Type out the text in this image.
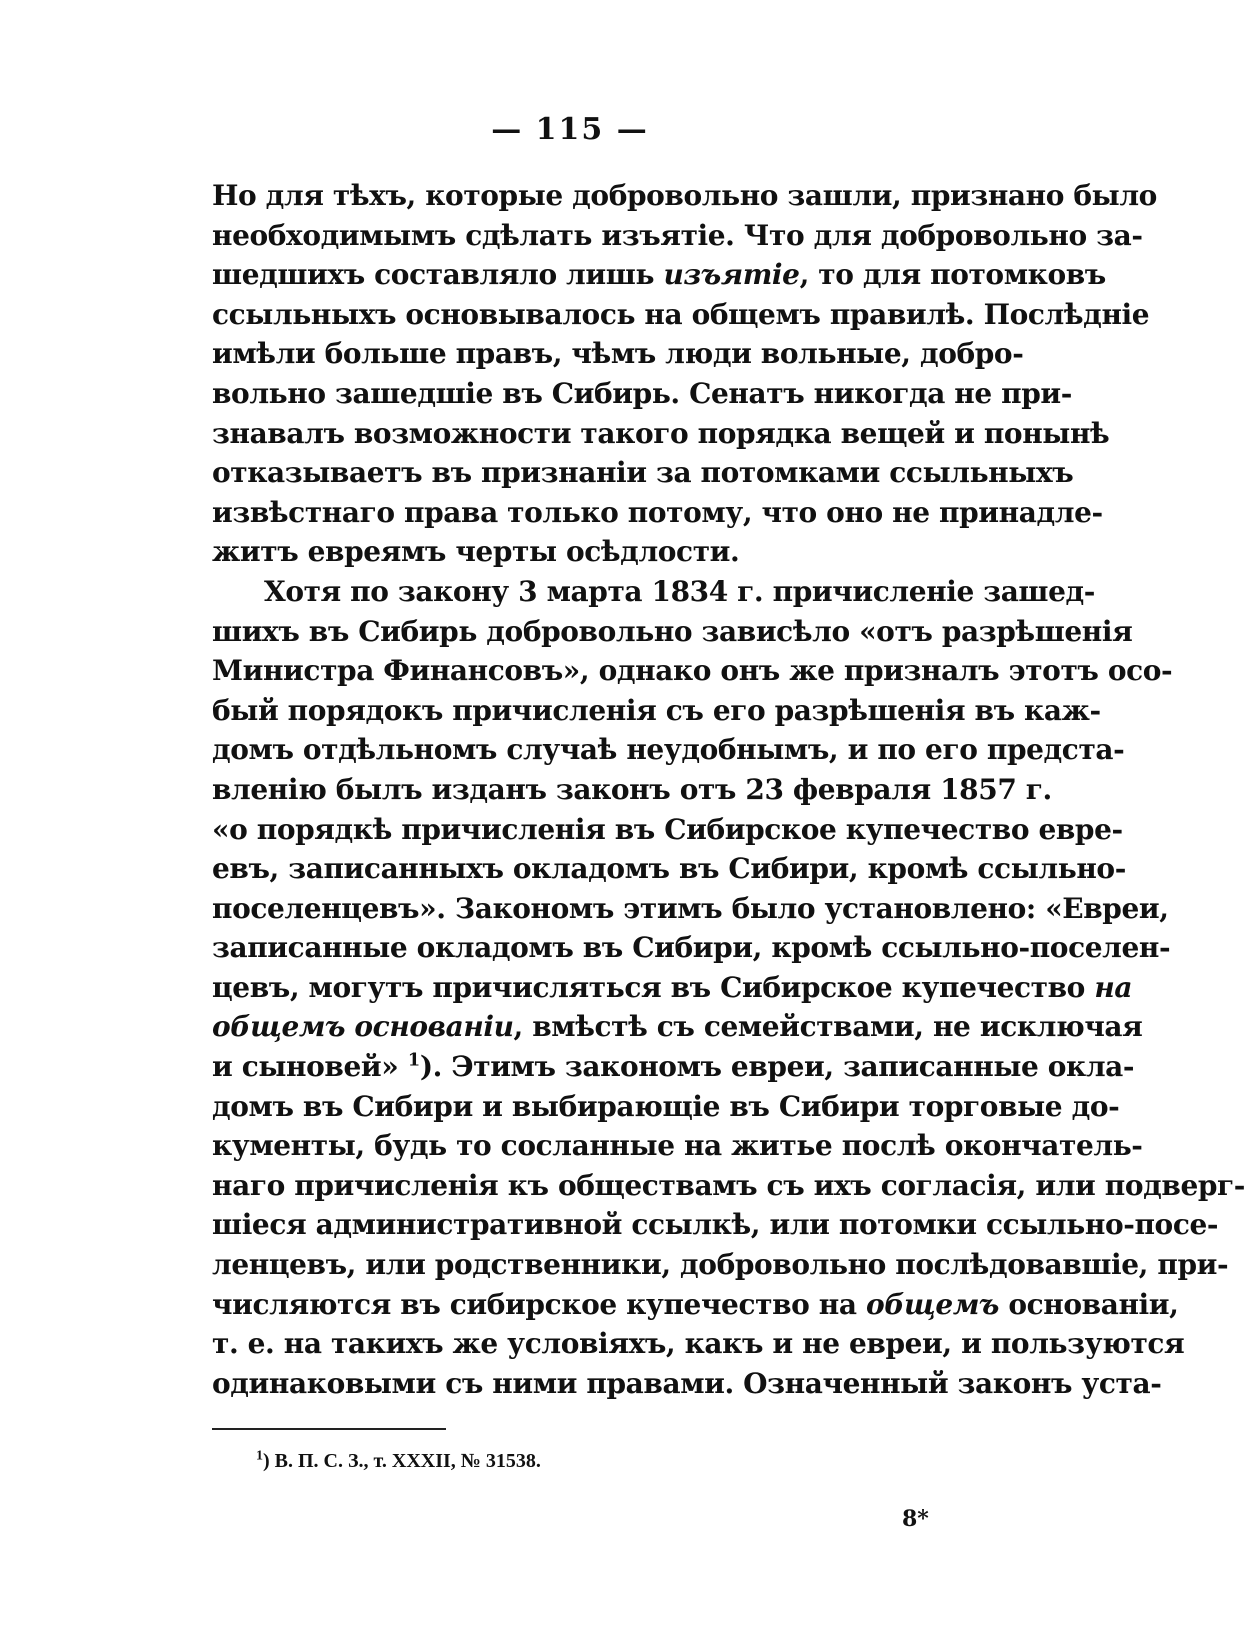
— 115 —
Но для тѣхъ, которые добровольно зашли, признано было
необходимымъ сдѣлать изъятіе. Что для добровольно за-
шедшихъ составляло лишь изъятіе, то для потомковъ
ссыльныхъ основывалось на общемъ правилѣ. Послѣдніе
имѣли больше правъ, чѣмъ люди вольные, добро-
вольно зашедшіе въ Сибирь. Сенатъ никогда не при-
знавалъ возможности такого порядка вещей и понынѣ
отказываетъ въ признаніи за потомками ссыльныхъ
извѣстнаго права только потому, что оно не принадле-
житъ евреямъ черты осѣдлости.
Хотя по закону 3 марта 1834 г. причисленіе зашед-
шихъ въ Сибирь добровольно зависѣло «отъ разрѣшенія
Министра Финансовъ», однако онъ же призналъ этотъ осо-
бый порядокъ причисленія съ его разрѣшенія въ каж-
домъ отдѣльномъ случаѣ неудобнымъ, и по его предста-
вленію былъ изданъ законъ отъ 23 февраля 1857 г.
«о порядкѣ причисленія въ Сибирское купечество евре-
евъ, записанныхъ окладомъ въ Сибири, кромѣ ссыльно-
поселенцевъ». Закономъ этимъ было установлено: «Евреи,
записанные окладомъ въ Сибири, кромѣ ссыльно-поселен-
цевъ, могутъ причисляться въ Сибирское купечество на
общемъ основаніи, вмѣстѣ съ семействами, не исключая
и сыновей» $^1$). Этимъ закономъ евреи, записанные окла-
домъ въ Сибири и выбирающіе въ Сибири торговые до-
кументы, будь то сосланные на житье послѣ окончатель-
наго причисленія къ обществамъ съ ихъ согласія, или подверг-
шіеся административной ссылкѣ, или потомки ссыльно-посе-
ленцевъ, или родственники, добровольно послѣдовавшіе, при-
числяются въ сибирское купечество на общемъ основаніи,
т. е. на такихъ же условіяхъ, какъ и не евреи, и пользуются
одинаковыми съ ними правами. Означенный законъ уста-
$^1$) В. П. С. З., т. XXXII, № 31538.
8*
